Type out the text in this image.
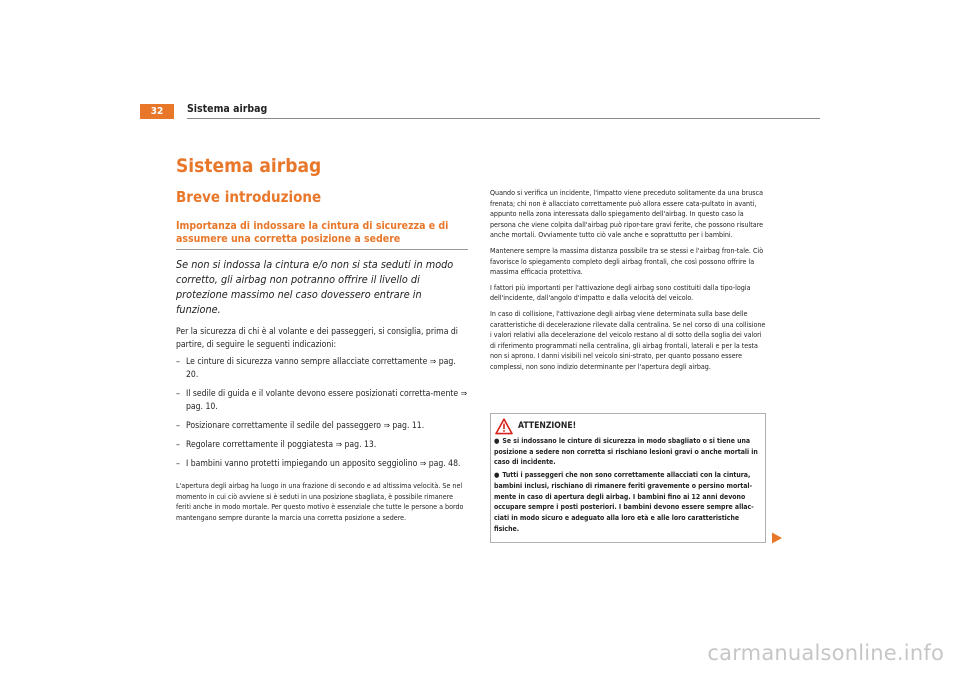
32	Sistema airbag
Sistema airbag
Breve introduzione
Importanza di indossare la cintura di sicurezza e di assumere una corretta posizione a sedere

Se non si indossa la cintura e/o non si sta seduti in modo corretto, gli airbag non potranno offrire il livello di protezione massimo nel caso dovessero entrare in funzione.

Per la sicurezza di chi è al volante e dei passeggeri, si consiglia, prima di partire, di seguire le seguenti indicazioni:

– Le cinture di sicurezza vanno sempre allacciate correttamente ⇒ pag. 20.
– Il sedile di guida e il volante devono essere posizionati corretta-mente ⇒ pag. 10.
– Posizionare correttamente il sedile del passeggero ⇒ pag. 11.
– Regolare correttamente il poggiatesta ⇒ pag. 13.
– I bambini vanno protetti impiegando un apposito seggiolino ⇒ pag. 48.

L'apertura degli airbag ha luogo in una frazione di secondo e ad altissima velocità. Se nel momento in cui ciò avviene si è seduti in una posizione sbagliata, è possibile rimanere feriti anche in modo mortale. Per questo motivo è essenziale che tutte le persone a bordo mantengano sempre durante la marcia una corretta posizione a sedere.

Quando si verifica un incidente, l'impatto viene preceduto solitamente da una brusca frenata; chi non è allacciato correttamente può allora essere cata-pultato in avanti, appunto nella zona interessata dallo spiegamento dell'airbag. In questo caso la persona che viene colpita dall'airbag può ripor-tare gravi ferite, che possono risultare anche mortali. Ovviamente tutto ciò vale anche e soprattutto per i bambini.

Mantenere sempre la massima distanza possibile tra se stessi e l'airbag fron-tale. Ciò favorisce lo spiegamento completo degli airbag frontali, che così possono offrire la massima efficacia protettiva.

I fattori più importanti per l'attivazione degli airbag sono costituiti dalla tipo-logia dell'incidente, dall'angolo d'impatto e dalla velocità del veicolo.

In caso di collisione, l'attivazione degli airbag viene determinata sulla base delle caratteristiche di decelerazione rilevate dalla centralina. Se nel corso di una collisione i valori relativi alla decelerazione del veicolo restano al di sotto della soglia dei valori di riferimento programmati nella centralina, gli airbag frontali, laterali e per la testa non si aprono. I danni visibili nel veicolo sini-strato, per quanto possano essere complessi, non sono indizio determinante per l'apertura degli airbag.

ATTENZIONE!
● Se si indossano le cinture di sicurezza in modo sbagliato o si tiene una posizione a sedere non corretta si rischiano lesioni gravi o anche mortali in caso di incidente.
● Tutti i passeggeri che non sono correttamente allacciati con la cintura, bambini inclusi, rischiano di rimanere feriti gravemente o persino mortal-mente in caso di apertura degli airbag. I bambini fino ai 12 anni devono occupare sempre i posti posteriori. I bambini devono essere sempre allac-ciati in modo sicuro e adeguato alla loro età e alle loro caratteristiche fisiche.
carmanualsonline.info
